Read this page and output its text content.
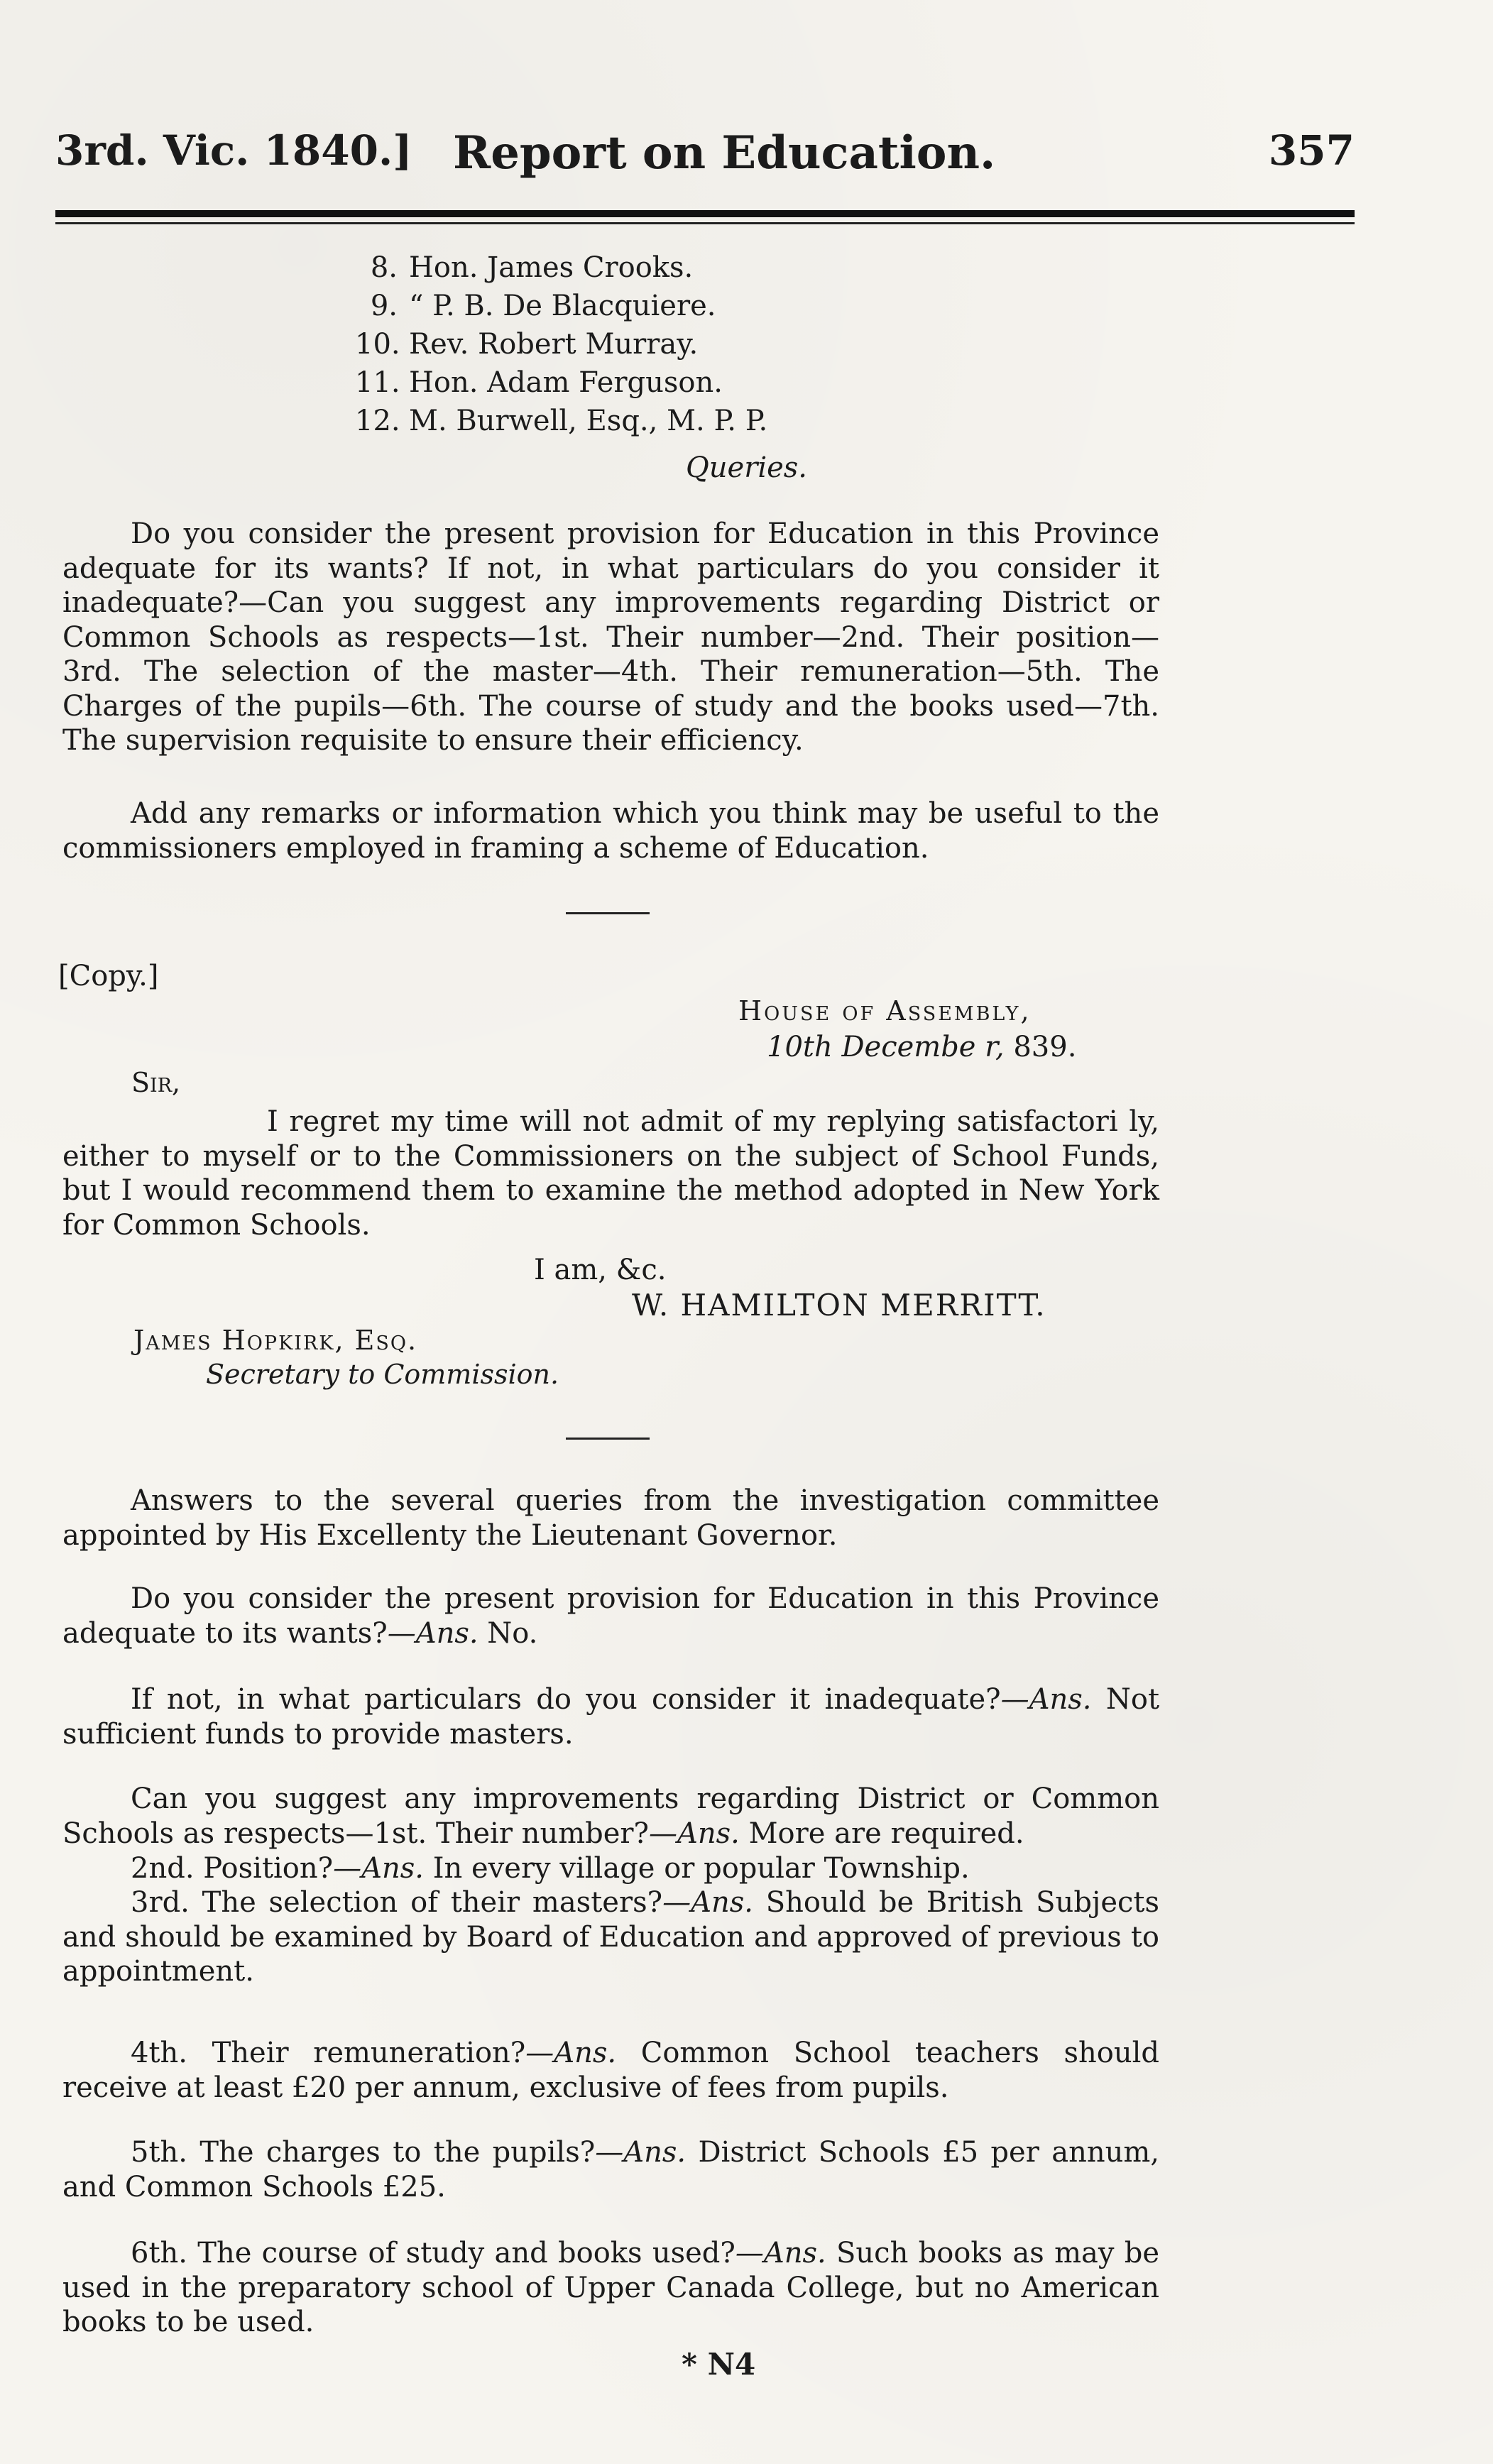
3rd. Vic. 1840.] Report on Education.	357
8. Hon. James Crooks.
9. “ P. B. De Blacquiere.
10. Rev. Robert Murray.
11. Hon. Adam Ferguson.
12. M. Burwell, Esq., M. P. P.
Queries.
Do you consider the present provision for Education in this Province adequate for its wants? If not, in what particulars do you consider it inadequate?—Can you suggest any improvements regarding District or Common Schools as respects—1st. Their number—2nd. Their position—3rd. The selection of the master—4th. Their remuneration—5th. The Charges of the pupils—6th. The course of study and the books used—7th. The supervision requisite to ensure their efficiency.
Add any remarks or information which you think may be useful to the commissioners employed in framing a scheme of Education.
[Copy.]
House of Assembly,
10th Decembe r, 839.
Sir,
I regret my time will not admit of my replying satisfactori ly, either to myself or to the Commissioners on the subject of School Funds, but I would recommend them to examine the method adopted in New York for Common Schools.
I am, &c.
W. HAMILTON MERRITT.
James Hopkirk, Esq.
Secretary to Commission.
Answers to the several queries from the investigation committee appointed by His Excellenty the Lieutenant Governor.
Do you consider the present provision for Education in this Province adequate to its wants?—Ans. No.
If not, in what particulars do you consider it inadequate?—Ans. Not sufficient funds to provide masters.
Can you suggest any improvements regarding District or Common Schools as respects—1st. Their number?—Ans. More are required.
2nd. Position?—Ans. In every village or popular Township.
3rd. The selection of their masters?—Ans. Should be British Subjects and should be examined by Board of Education and approved of previous to appointment.
4th. Their remuneration?—Ans. Common School teachers should receive at least £20 per annum, exclusive of fees from pupils.
5th. The charges to the pupils?—Ans. District Schools £5 per annum, and Common Schools £25.
6th. The course of study and books used?—Ans. Such books as may be used in the preparatory school of Upper Canada College, but no American books to be used.
* N4
